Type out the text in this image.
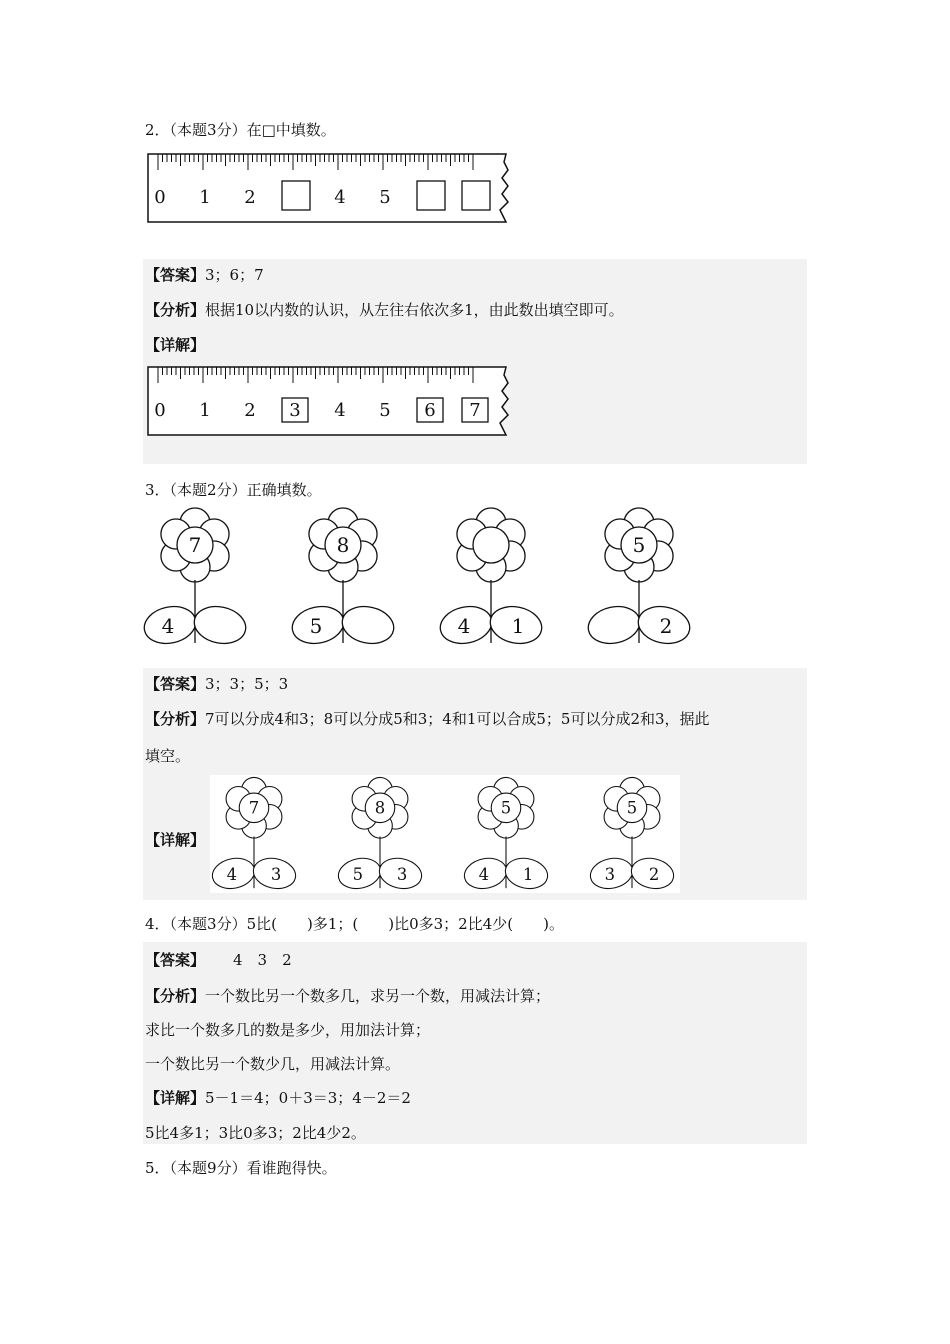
2．（本题3分）在□中填数。
0 1 2	4 5
【答案】3；6；7
【分析】根据10以内数的认识，从左往右依次多1，由此数出填空即可。
【详解】
0 1 2 3 4 5 6 7
3．（本题2分）正确填数。
7
4
8
5	4 1
5
2
【答案】3；3；5；3
【分析】7可以分成4和3；8可以分成5和3；4和1可以合成5；5可以分成2和3，据此
填空。
【详解】
7
4 3
8
5 3
5
4 1
5
3 2
4．（本题3分）5比(　　)多1；(　　)比0多3；2比4少(　　)。
【答案】 4　3　2
【分析】一个数比另一个数多几，求另一个数，用减法计算；
求比一个数多几的数是多少，用加法计算；
一个数比另一个数少几，用减法计算。
【详解】5－1＝4；0＋3＝3；4－2＝2
5比4多1；3比0多3；2比4少2。
5．（本题9分）看谁跑得快。
